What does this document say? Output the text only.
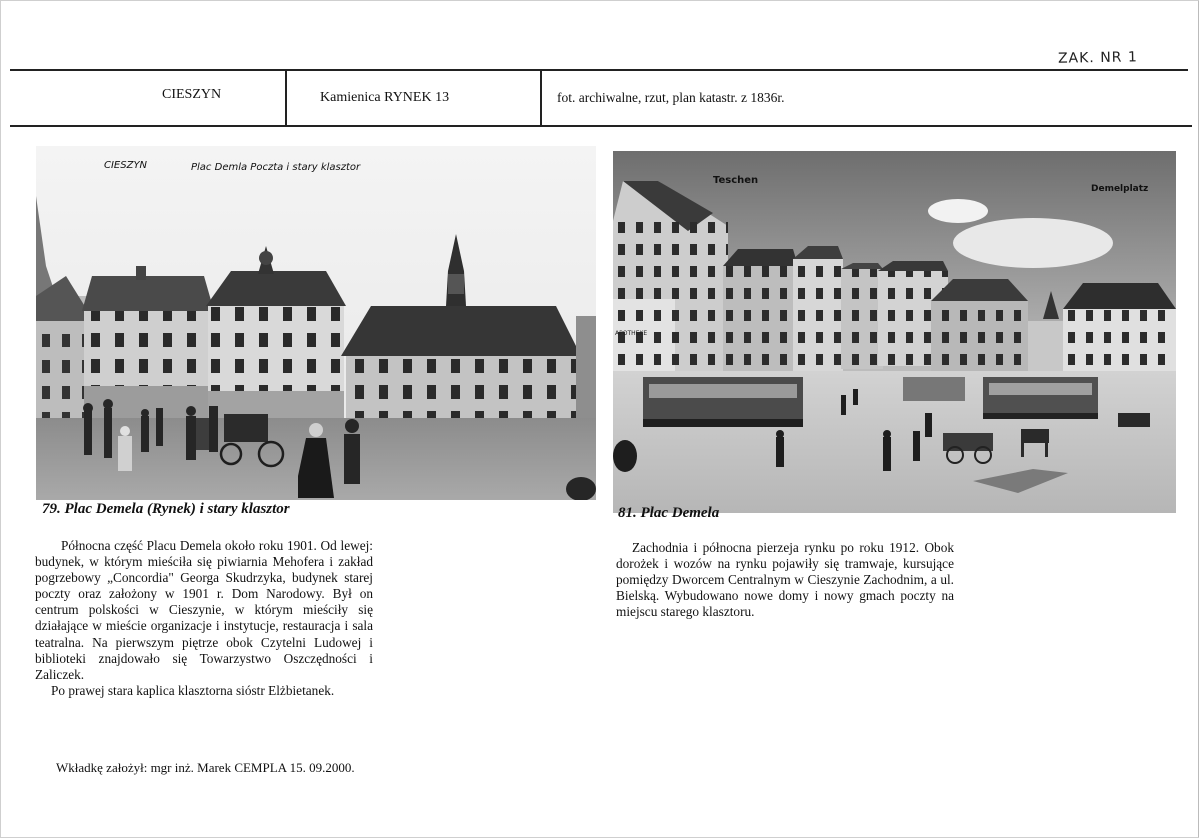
ZAK. NR 1
CIESZYN	Kamienica RYNEK 13	fot. archiwalne, rzut, plan katastr. z 1836r.
CIESZYN	Plac Demla Poczta i stary klasztor
79. Plac Demela (Rynek) i stary klasztor

Północna część Placu Demela około roku 1901. Od lewej: budynek, w którym mieściła się piwiarnia Mehofera i zakład pogrzebowy „Concordia" Georga Skudrzyka, budynek starej poczty oraz założony w 1901 r. Dom Narodowy. Był on centrum polskości w Cieszynie, w którym mieściły się działające w mieście organizacje i instytucje, restauracja i sala teatralna. Na pierwszym piętrze obok Czytelni Ludowej i biblioteki znajdowało się Towarzystwo Oszczędności i Zaliczek.

Po prawej stara kaplica klasztorna sióstr Elżbietanek.

APOTHEKE
Teschen
Demelplatz
81. Plac Demela

Zachodnia i północna pierzeja rynku po roku 1912. Obok dorożek i wozów na rynku pojawiły się tramwaje, kursujące pomiędzy Dworcem Centralnym w Cieszynie Zachodnim, a ul. Bielską. Wybudowano nowe domy i nowy gmach poczty na miejscu starego klasztoru.

Wkładkę założył: mgr inż. Marek CEMPLA 15. 09.2000.
